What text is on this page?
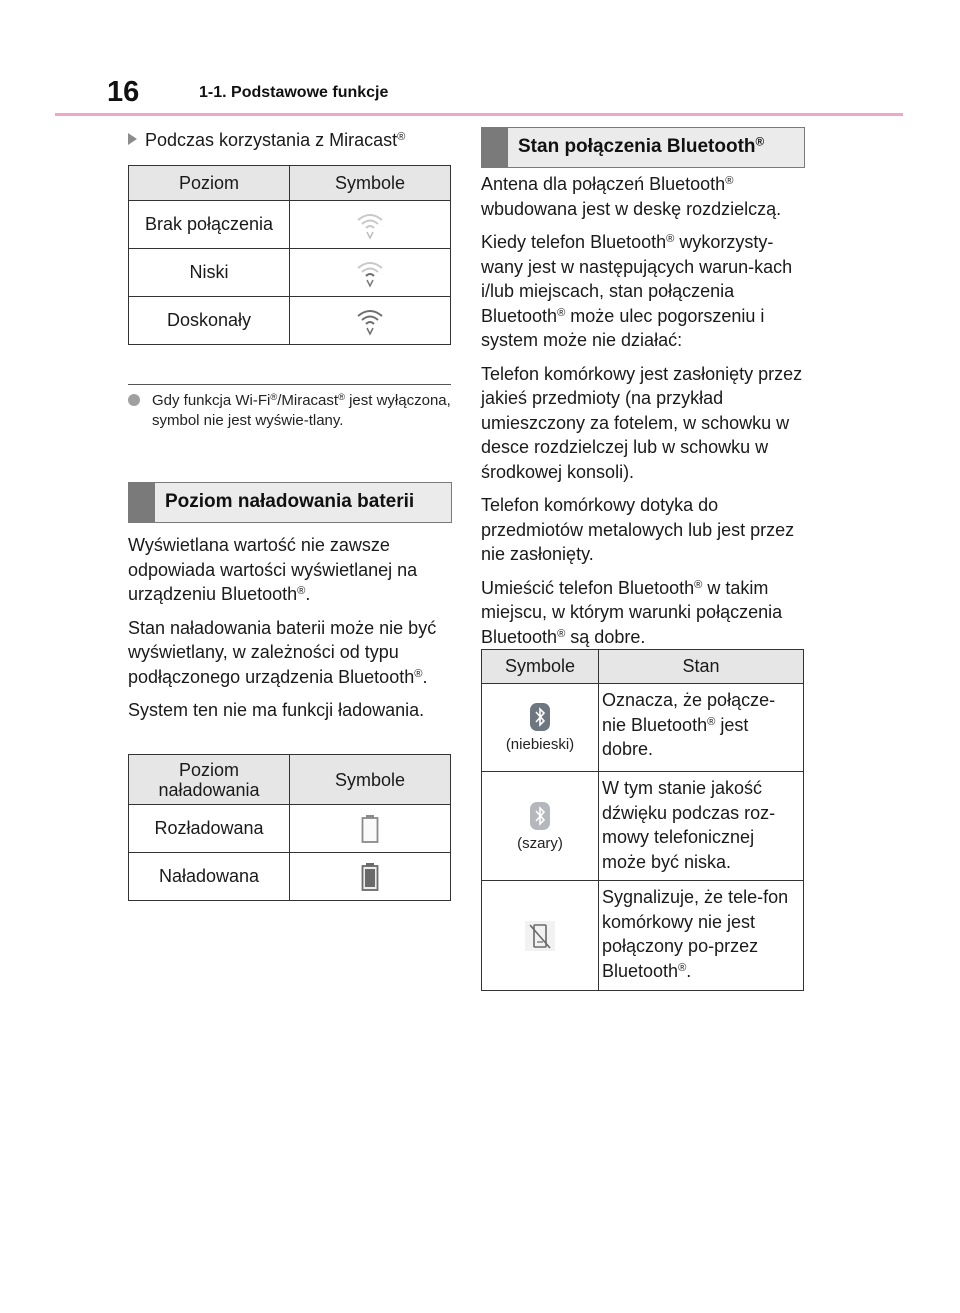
16	1-1. Podstawowe funkcje
Podczas korzystania z Miracast®
Poziom	Symbole
Brak połączenia	

Niski	

Doskonały	
Gdy funkcja Wi-Fi®/Miracast® jest wyłączona, symbol nie jest wyświe-tlany.
Poziom naładowania baterii

Wyświetlana wartość nie zawsze odpowiada wartości wyświetlanej na urządzeniu Bluetooth®.

Stan naładowania baterii może nie być wyświetlany, w zależności od typu podłączonego urządzenia Bluetooth®.

System ten nie ma funkcji ładowania.

Poziom naładowania	Symbole
Rozładowana	

Naładowana	
Stan połączenia Bluetooth®

Antena dla połączeń Bluetooth® wbudowana jest w deskę rozdzielczą.

Kiedy telefon Bluetooth® wykorzysty-wany jest w następujących warun-kach i/lub miejscach, stan połączenia Bluetooth® może ulec pogorszeniu i system może nie działać:

Telefon komórkowy jest zasłonięty przez jakieś przedmioty (na przykład umieszczony za fotelem, w schowku w desce rozdzielczej lub w schowku w środkowej konsoli).

Telefon komórkowy dotyka do przedmiotów metalowych lub jest przez nie zasłonięty.

Umieścić telefon Bluetooth® w takim miejscu, w którym warunki połączenia Bluetooth® są dobre.

Symbole	Stan

(niebieski)	Oznacza, że połącze-nie Bluetooth® jest dobre.

(szary)	W tym stanie jakość dźwięku podczas roz-mowy telefonicznej może być niska.

	Sygnalizuje, że tele-fon komórkowy nie jest połączony po-przez Bluetooth®.
